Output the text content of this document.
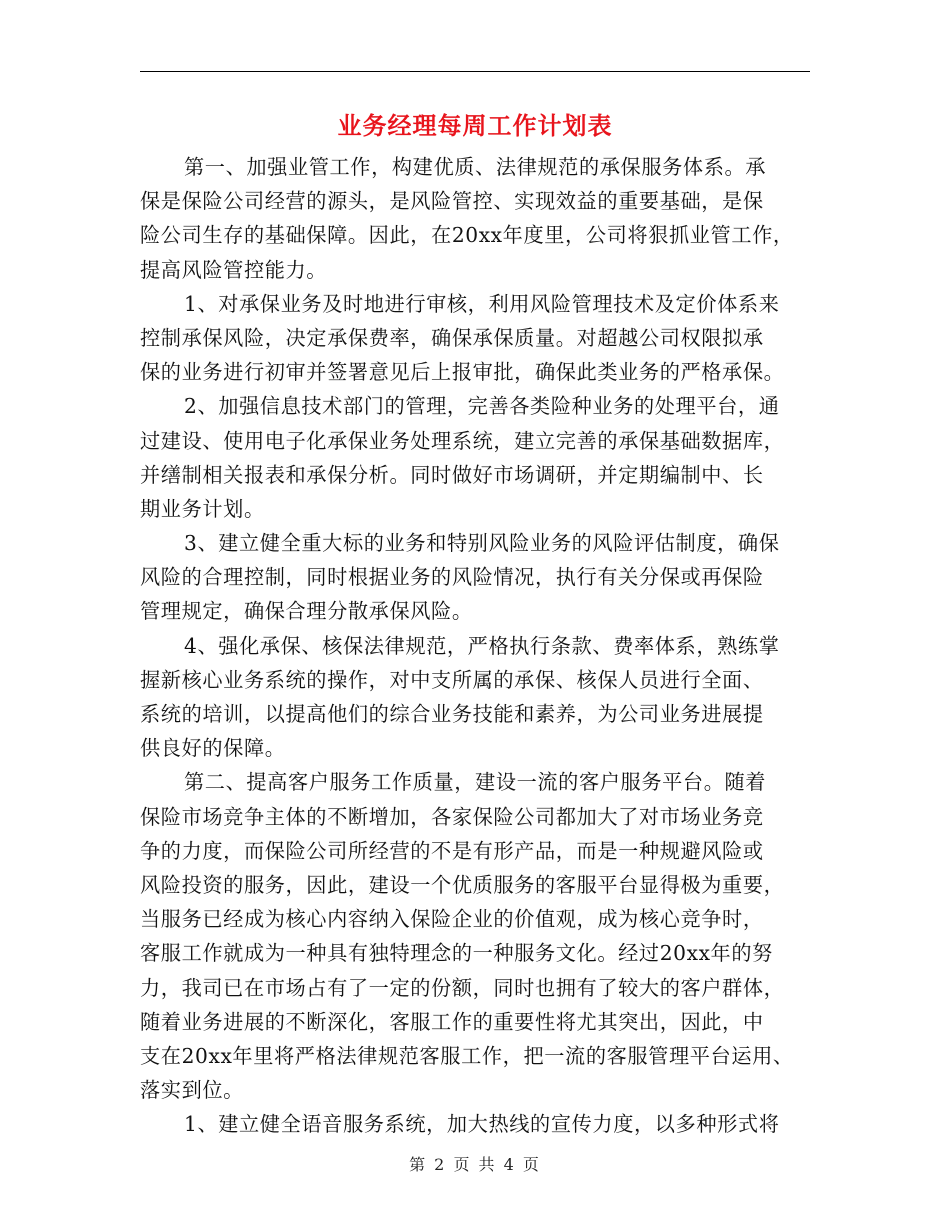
业务经理每周工作计划表
第一、加强业管工作，构建优质、法律规范的承保服务体系。承
保是保险公司经营的源头，是风险管控、实现效益的重要基础，是保
险公司生存的基础保障。因此，在20xx年度里，公司将狠抓业管工作，
提高风险管控能力。
1、对承保业务及时地进行审核，利用风险管理技术及定价体系来
控制承保风险，决定承保费率，确保承保质量。对超越公司权限拟承
保的业务进行初审并签署意见后上报审批，确保此类业务的严格承保。
2、加强信息技术部门的管理，完善各类险种业务的处理平台，通
过建设、使用电子化承保业务处理系统，建立完善的承保基础数据库，
并缮制相关报表和承保分析。同时做好市场调研，并定期编制中、长
期业务计划。
3、建立健全重大标的业务和特别风险业务的风险评估制度，确保
风险的合理控制，同时根据业务的风险情况，执行有关分保或再保险
管理规定，确保合理分散承保风险。
4、强化承保、核保法律规范，严格执行条款、费率体系，熟练掌
握新核心业务系统的操作，对中支所属的承保、核保人员进行全面、
系统的培训，以提高他们的综合业务技能和素养，为公司业务进展提
供良好的保障。
第二、提高客户服务工作质量，建设一流的客户服务平台。随着
保险市场竞争主体的不断增加，各家保险公司都加大了对市场业务竞
争的力度，而保险公司所经营的不是有形产品，而是一种规避风险或
风险投资的服务，因此，建设一个优质服务的客服平台显得极为重要，
当服务已经成为核心内容纳入保险企业的价值观，成为核心竞争时，
客服工作就成为一种具有独特理念的一种服务文化。经过20xx年的努
力，我司已在市场占有了一定的份额，同时也拥有了较大的客户群体，
随着业务进展的不断深化，客服工作的重要性将尤其突出，因此，中
支在20xx年里将严格法律规范客服工作，把一流的客服管理平台运用、
落实到位。
1、建立健全语音服务系统，加大热线的宣传力度，以多种形式将
第 2 页 共 4 页
